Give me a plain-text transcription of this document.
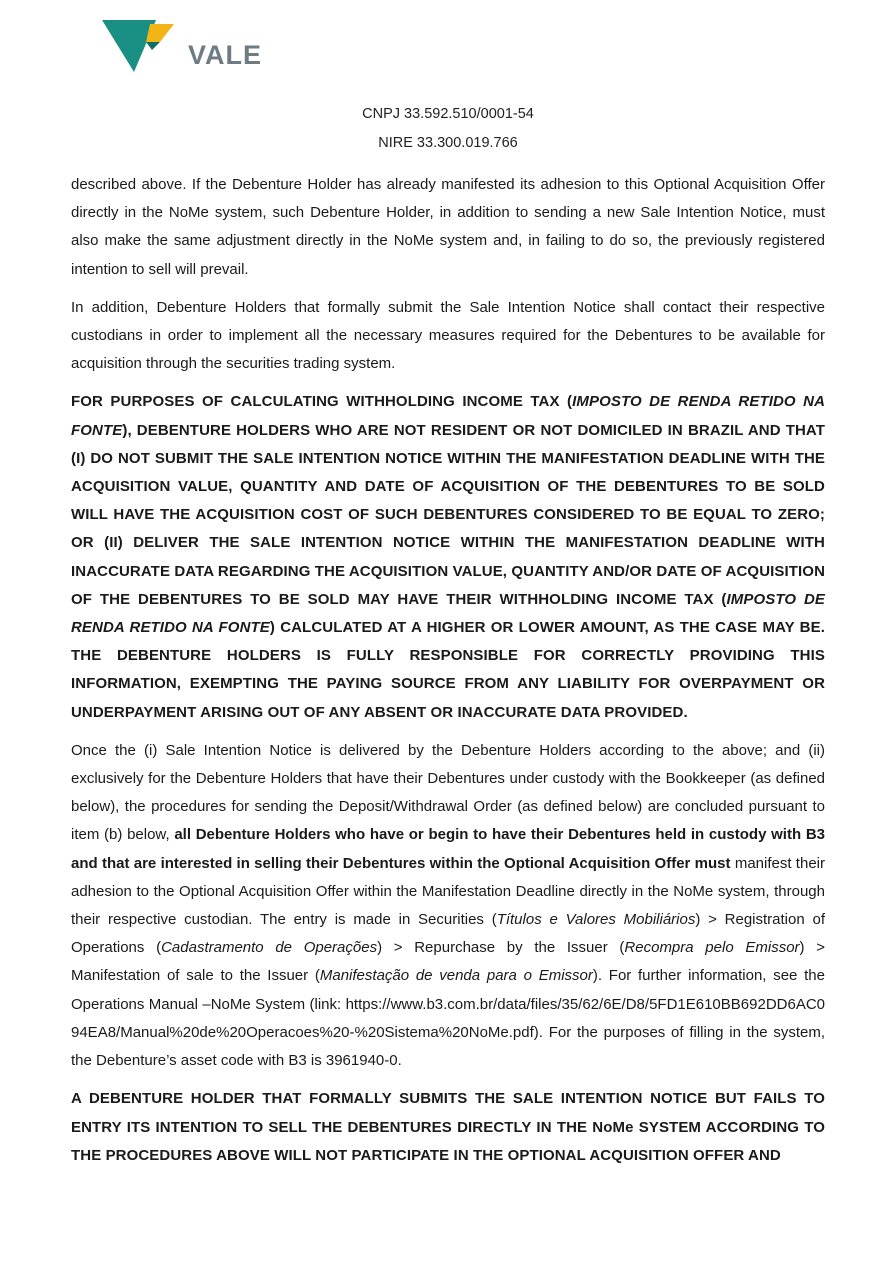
VALE
CNPJ 33.592.510/0001-54
NIRE 33.300.019.766

described above. If the Debenture Holder has already manifested its adhesion to this Optional Acquisition Offer directly in the NoMe system, such Debenture Holder, in addition to sending a new Sale Intention Notice, must also make the same adjustment directly in the NoMe system and, in failing to do so, the previously registered intention to sell will prevail.

In addition, Debenture Holders that formally submit the Sale Intention Notice shall contact their respective custodians in order to implement all the necessary measures required for the Debentures to be available for acquisition through the securities trading system.

FOR PURPOSES OF CALCULATING WITHHOLDING INCOME TAX (IMPOSTO DE RENDA RETIDO NA FONTE), DEBENTURE HOLDERS WHO ARE NOT RESIDENT OR NOT DOMICILED IN BRAZIL AND THAT (I) DO NOT SUBMIT THE SALE INTENTION NOTICE WITHIN THE MANIFESTATION DEADLINE WITH THE ACQUISITION VALUE, QUANTITY AND DATE OF ACQUISITION OF THE DEBENTURES TO BE SOLD WILL HAVE THE ACQUISITION COST OF SUCH DEBENTURES CONSIDERED TO BE EQUAL TO ZERO; OR (II) DELIVER THE SALE INTENTION NOTICE WITHIN THE MANIFESTATION DEADLINE WITH INACCURATE DATA REGARDING THE ACQUISITION VALUE, QUANTITY AND/OR DATE OF ACQUISITION OF THE DEBENTURES TO BE SOLD MAY HAVE THEIR WITHHOLDING INCOME TAX (IMPOSTO DE RENDA RETIDO NA FONTE) CALCULATED AT A HIGHER OR LOWER AMOUNT, AS THE CASE MAY BE. THE DEBENTURE HOLDERS IS FULLY RESPONSIBLE FOR CORRECTLY PROVIDING THIS INFORMATION, EXEMPTING THE PAYING SOURCE FROM ANY LIABILITY FOR OVERPAYMENT OR UNDERPAYMENT ARISING OUT OF ANY ABSENT OR INACCURATE DATA PROVIDED.

Once the (i) Sale Intention Notice is delivered by the Debenture Holders according to the above; and (ii) exclusively for the Debenture Holders that have their Debentures under custody with the Bookkeeper (as defined below), the procedures for sending the Deposit/Withdrawal Order (as defined below) are concluded pursuant to item (b) below, all Debenture Holders who have or begin to have their Debentures held in custody with B3 and that are interested in selling their Debentures within the Optional Acquisition Offer must manifest their adhesion to the Optional Acquisition Offer within the Manifestation Deadline directly in the NoMe system, through their respective custodian. The entry is made in Securities (Títulos e Valores Mobiliários) > Registration of Operations (Cadastramento de Operações) > Repurchase by the Issuer (Recompra pelo Emissor) > Manifestation of sale to the Issuer (Manifestação de venda para o Emissor). For further information, see the Operations Manual –NoMe System (link: https://www.b3.com.br/data/files/35/62/6E/D8/5FD1E610BB692DD6AC094EA8/Manual%20de%20Operacoes%20-%20Sistema%20NoMe.pdf). For the purposes of filling in the system, the Debenture’s asset code with B3 is 3961940-0.

A DEBENTURE HOLDER THAT FORMALLY SUBMITS THE SALE INTENTION NOTICE BUT FAILS TO ENTRY ITS INTENTION TO SELL THE DEBENTURES DIRECTLY IN THE NoMe SYSTEM ACCORDING TO THE PROCEDURES ABOVE WILL NOT PARTICIPATE IN THE OPTIONAL ACQUISITION OFFER AND
